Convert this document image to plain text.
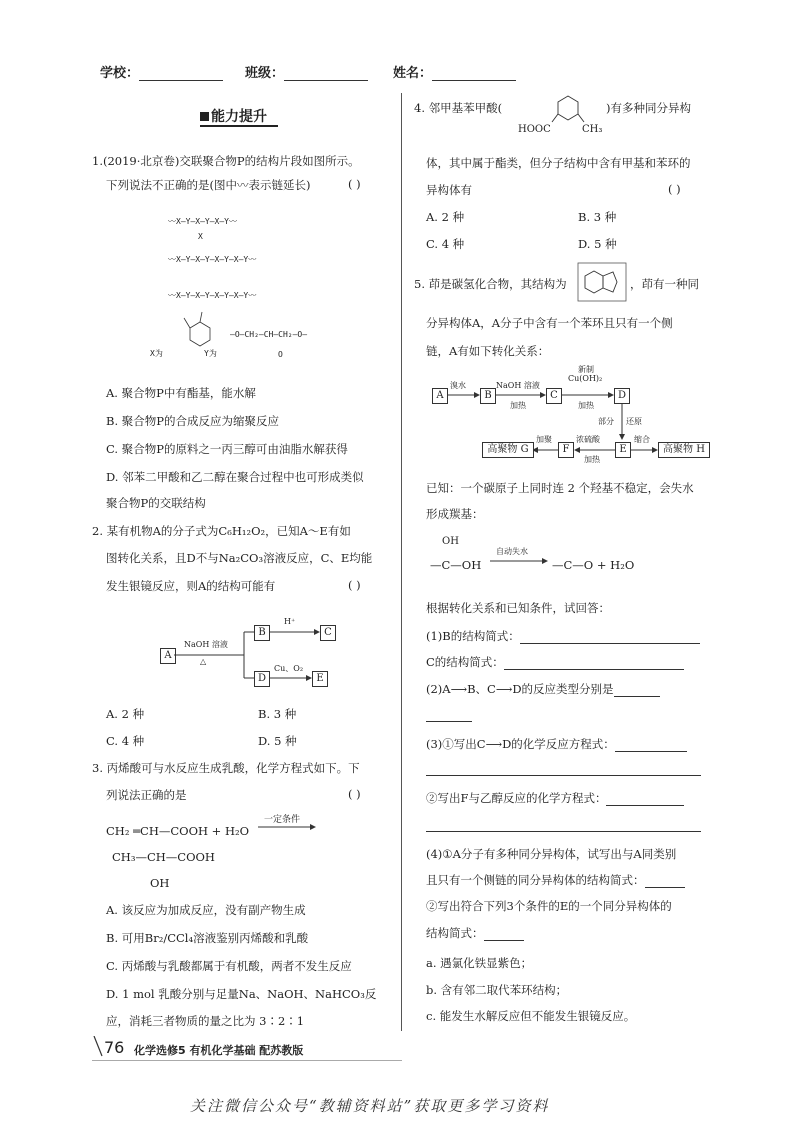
学校：	班级：	姓名：
能力提升
1.(2019·北京卷)交联聚合物P的结构片段如图所示。
下列说法不正确的是(图中〰表示链延长)	( )
〰X—Y—X—Y—X—Y〰
X
〰X—Y—X—Y—X—Y—X—Y〰
〰X—Y—X—Y—X—Y—X—Y〰
X为	Y为
—O—CH₂—CH—CH₂—O—
O
A. 聚合物P中有酯基，能水解
B. 聚合物P的合成反应为缩聚反应
C. 聚合物P的原料之一丙三醇可由油脂水解获得
D. 邻苯二甲酸和乙二醇在聚合过程中也可形成类似
聚合物P的交联结构
2. 某有机物A的分子式为C₆H₁₂O₂，已知A～E有如
图转化关系，且D不与Na₂CO₃溶液反应，C、E均能
发生银镜反应，则A的结构可能有	( )
A
NaOH 溶液
△
B
D
C
E
H⁺
Cu、O₂
A. 2 种	B. 3 种
C. 4 种	D. 5 种
3. 丙烯酸可与水反应生成乳酸，化学方程式如下。下
列说法正确的是	( )
CH₂ ═CH—COOH + H₂O
一定条件
CH₃—CH—COOH
OH
A. 该反应为加成反应，没有副产物生成
B. 可用Br₂/CCl₄溶液鉴别丙烯酸和乳酸
C. 丙烯酸与乳酸都属于有机酸，两者不发生反应
D. 1 mol 乳酸分别与足量Na、NaOH、NaHCO₃反
应，消耗三者物质的量之比为 3∶2∶1
4. 邻甲基苯甲酸(	)有多种同分异构
HOOC	CH₃
体，其中属于酯类，但分子结构中含有甲基和苯环的
异构体有	( )
A. 2 种	B. 3 种
C. 4 种	D. 5 种
5. 茚是碳氢化合物，其结构为	，茚有一种同
分异构体A，A分子中含有一个苯环且只有一个侧
链，A有如下转化关系：
A
溴水
B
NaOH 溶液
加热
C
新制
Cu(OH)₂
加热
D
部分 还原
高聚物 G
加聚
F
浓硫酸
加热
E
缩合
高聚物 H
已知：一个碳原子上同时连 2 个羟基不稳定，会失水
形成羰基：
OH
—C—OH
自动失水
—C—O + H₂O
根据转化关系和已知条件，试回答：
(1)B的结构简式：
C的结构简式：
(2)A⟶B、C⟶D的反应类型分别是
(3)①写出C⟶D的化学反应方程式：
②写出F与乙醇反应的化学方程式：
(4)①A分子有多种同分异构体，试写出与A同类别
且只有一个侧链的同分异构体的结构简式：
②写出符合下列3个条件的E的一个同分异构体的
结构简式：
a. 遇氯化铁显紫色；
b. 含有邻二取代苯环结构；
c. 能发生水解反应但不能发生银镜反应。
76 化学选修5 有机化学基础 配苏教版
关注微信公众号“教辅资料站”获取更多学习资料
